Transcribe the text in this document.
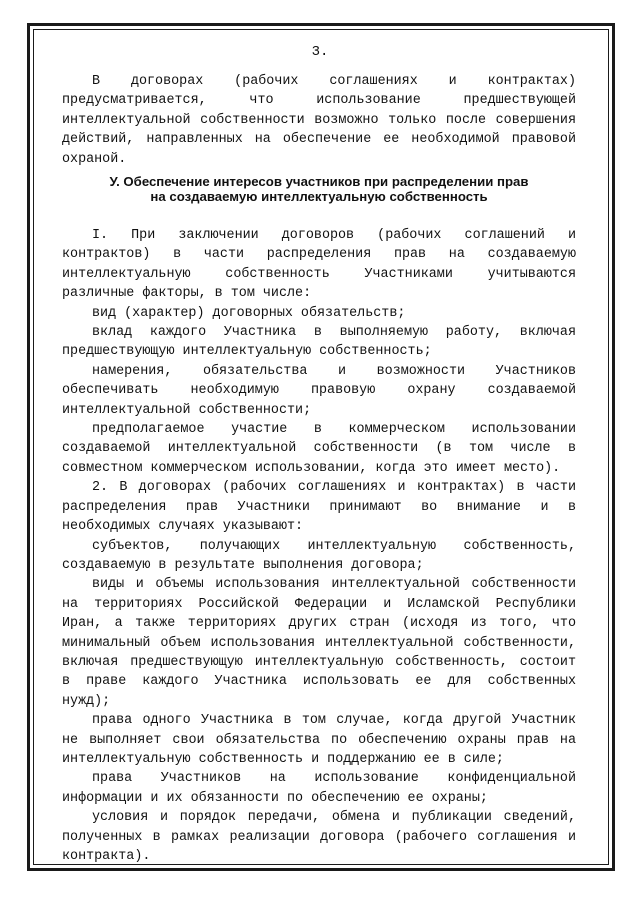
3.

В договорах (рабочих соглашениях и контрактах) предусматривается, что использование предшествующей интеллектуальной собственности возможно только после совершения действий, направленных на обеспечение ее необходимой правовой охраной.

У. Обеспечение интересов участников при распределении прав
на создаваемую интеллектуальную собственность

I. При заключении договоров (рабочих соглашений и контрактов) в части распределения прав на создаваемую интеллектуальную собственность Участниками учитываются различные факторы, в том числе:

вид (характер) договорных обязательств;

вклад каждого Участника в выполняемую работу, включая предшествующую интеллектуальную собственность;

намерения, обязательства и возможности Участников обеспечивать необходимую правовую охрану создаваемой интеллектуальной собственности;

предполагаемое участие в коммерческом использовании создаваемой интеллектуальной собственности (в том числе в совместном коммерческом использовании, когда это имеет место).

2. В договорах (рабочих соглашениях и контрактах) в части распределения прав Участники принимают во внимание и в необходимых случаях указывают:

субъектов, получающих интеллектуальную собственность, создаваемую в результате выполнения договора;

виды и объемы использования интеллектуальной собственности на территориях Российской Федерации и Исламской Республики Иран, а также территориях других стран (исходя из того, что минимальный объем использования интеллектуальной собственности, включая предшествующую интеллектуальную собственность, состоит в праве каждого Участника использовать ее для собственных нужд);

права одного Участника в том случае, когда другой Участник не выполняет свои обязательства по обеспечению охраны прав на интеллектуальную собственность и поддержанию ее в силе;

права Участников на использование конфиденциальной информации и их обязанности по обеспечению ее охраны;

условия и порядок передачи, обмена и публикации сведений, полученных в рамках реализации договора (рабочего соглашения и контракта).
